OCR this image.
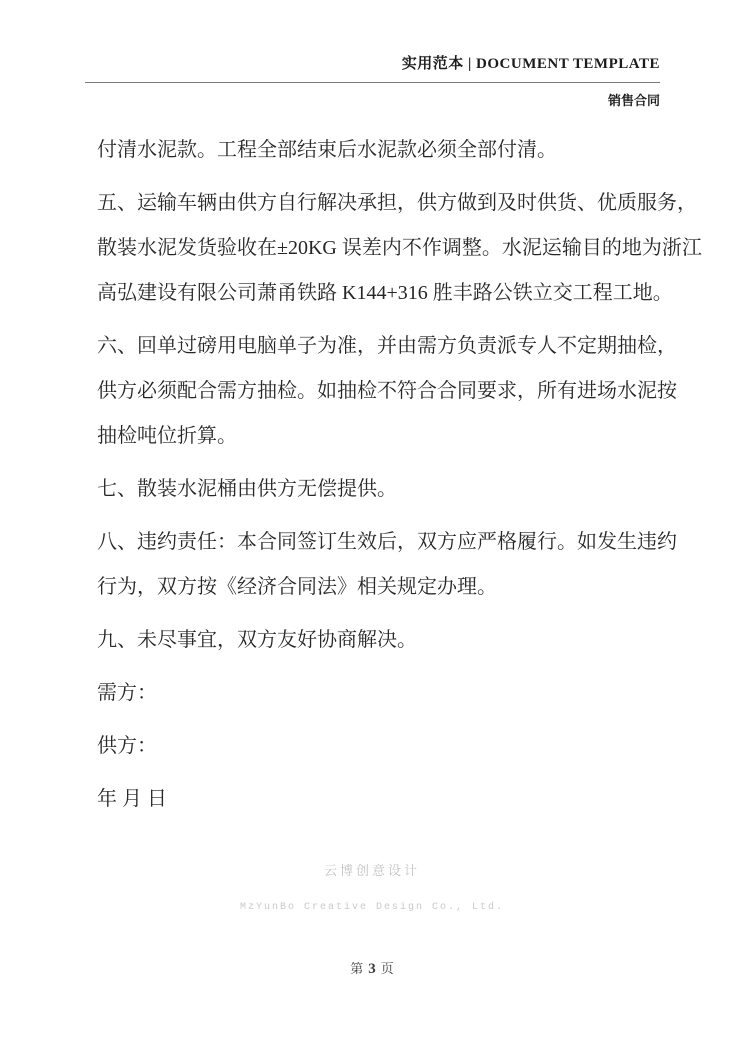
实用范本 | DOCUMENT TEMPLATE
销售合同
付清水泥款。工程全部结束后水泥款必须全部付清。
五、运输车辆由供方自行解决承担，供方做到及时供货、优质服务，
散装水泥发货验收在±20KG 误差内不作调整。水泥运输目的地为浙江
高弘建设有限公司萧甬铁路 K144+316 胜丰路公铁立交工程工地。
六、回单过磅用电脑单子为准，并由需方负责派专人不定期抽检，
供方必须配合需方抽检。如抽检不符合合同要求，所有进场水泥按
抽检吨位折算。
七、散装水泥桶由供方无偿提供。
八、违约责任：本合同签订生效后，双方应严格履行。如发生违约
行为，双方按《经济合同法》相关规定办理。
九、未尽事宜，双方友好协商解决。
需方：
供方：
年 月 日
云博创意设计
MzYunBo Creative Design Co., Ltd.
第 3 页
